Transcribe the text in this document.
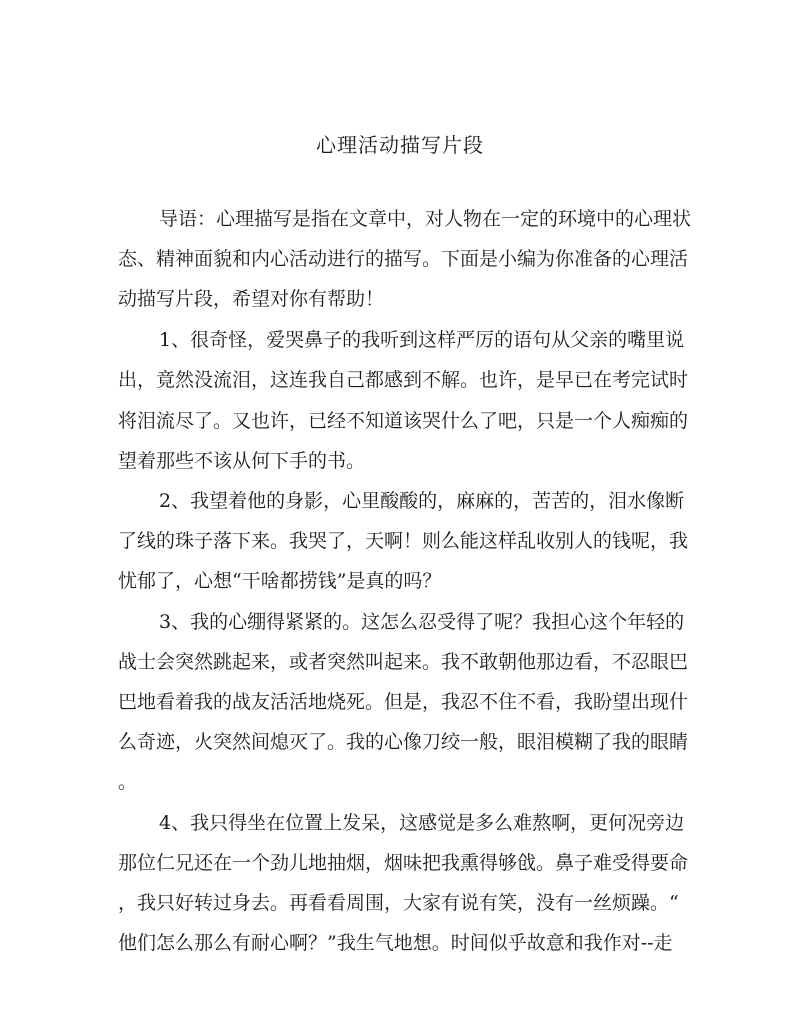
心理活动描写片段
导语：心理描写是指在文章中，对人物在一定的环境中的心理状
态、精神面貌和内心活动进行的描写。下面是小编为你准备的心理活
动描写片段，希望对你有帮助！
1、很奇怪，爱哭鼻子的我听到这样严厉的语句从父亲的嘴里说
出，竟然没流泪，这连我自己都感到不解。也许，是早已在考完试时
将泪流尽了。又也许，已经不知道该哭什么了吧，只是一个人痴痴的
望着那些不该从何下手的书。
2、我望着他的身影，心里酸酸的，麻麻的，苦苦的，泪水像断
了线的珠子落下来。我哭了，天啊！则么能这样乱收别人的钱呢，我
忧郁了，心想“干啥都捞钱”是真的吗？
3、我的心绷得紧紧的。这怎么忍受得了呢？我担心这个年轻的
战士会突然跳起来，或者突然叫起来。我不敢朝他那边看，不忍眼巴
巴地看着我的战友活活地烧死。但是，我忍不住不看，我盼望出现什
么奇迹，火突然间熄灭了。我的心像刀绞一般，眼泪模糊了我的眼睛
。
4、我只得坐在位置上发呆，这感觉是多么难熬啊，更何况旁边
那位仁兄还在一个劲儿地抽烟，烟味把我熏得够戗。鼻子难受得要命
，我只好转过身去。再看看周围，大家有说有笑，没有一丝烦躁。“
他们怎么那么有耐心啊？”我生气地想。时间似乎故意和我作对--走
